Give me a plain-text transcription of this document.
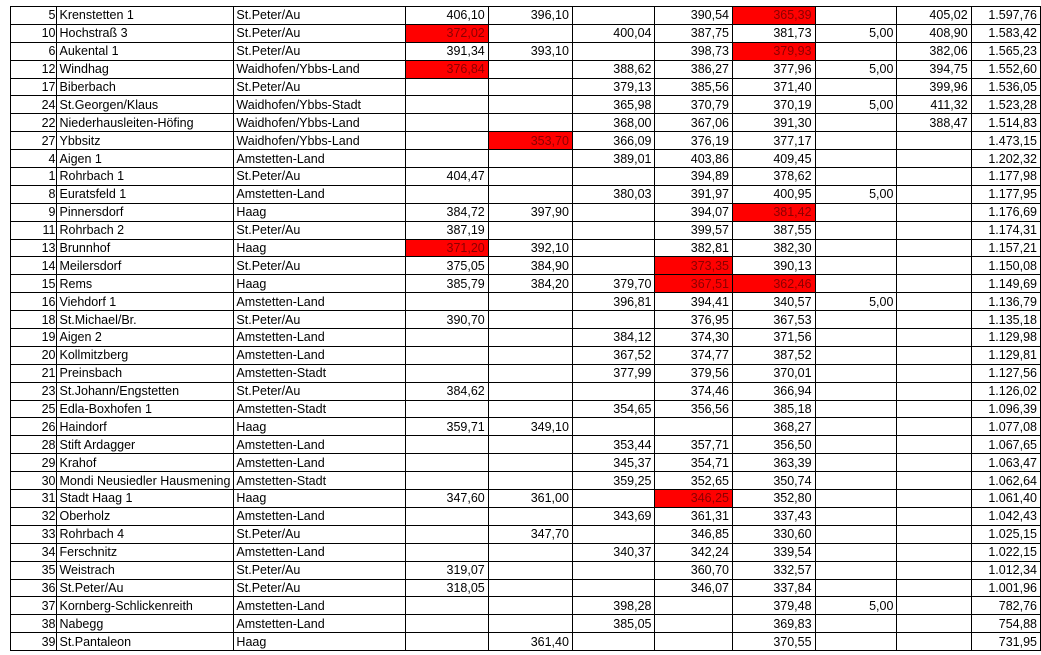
5	Krenstetten 1	St.Peter/Au	406,10	396,10		390,54	365,39		405,02	1.597,76
10	Hochstraß 3	St.Peter/Au	372,02		400,04	387,75	381,73	5,00	408,90	1.583,42
6	Aukental 1	St.Peter/Au	391,34	393,10		398,73	379,93		382,06	1.565,23
12	Windhag	Waidhofen/Ybbs-Land	376,84		388,62	386,27	377,96	5,00	394,75	1.552,60
17	Biberbach	St.Peter/Au			379,13	385,56	371,40		399,96	1.536,05
24	St.Georgen/Klaus	Waidhofen/Ybbs-Stadt			365,98	370,79	370,19	5,00	411,32	1.523,28
22	Niederhausleiten-Höfing	Waidhofen/Ybbs-Land			368,00	367,06	391,30		388,47	1.514,83
27	Ybbsitz	Waidhofen/Ybbs-Land		353,70	366,09	376,19	377,17			1.473,15
4	Aigen 1	Amstetten-Land			389,01	403,86	409,45			1.202,32
1	Rohrbach 1	St.Peter/Au	404,47			394,89	378,62			1.177,98
8	Euratsfeld 1	Amstetten-Land			380,03	391,97	400,95	5,00		1.177,95
9	Pinnersdorf	Haag	384,72	397,90		394,07	381,42			1.176,69
11	Rohrbach 2	St.Peter/Au	387,19			399,57	387,55			1.174,31
13	Brunnhof	Haag	371,20	392,10		382,81	382,30			1.157,21
14	Meilersdorf	St.Peter/Au	375,05	384,90		373,35	390,13			1.150,08
15	Rems	Haag	385,79	384,20	379,70	367,51	362,46			1.149,69
16	Viehdorf 1	Amstetten-Land			396,81	394,41	340,57	5,00		1.136,79
18	St.Michael/Br.	St.Peter/Au	390,70			376,95	367,53			1.135,18
19	Aigen 2	Amstetten-Land			384,12	374,30	371,56			1.129,98
20	Kollmitzberg	Amstetten-Land			367,52	374,77	387,52			1.129,81
21	Preinsbach	Amstetten-Stadt			377,99	379,56	370,01			1.127,56
23	St.Johann/Engstetten	St.Peter/Au	384,62			374,46	366,94			1.126,02
25	Edla-Boxhofen 1	Amstetten-Stadt			354,65	356,56	385,18			1.096,39
26	Haindorf	Haag	359,71	349,10			368,27			1.077,08
28	Stift Ardagger	Amstetten-Land			353,44	357,71	356,50			1.067,65
29	Krahof	Amstetten-Land			345,37	354,71	363,39			1.063,47
30	Mondi Neusiedler Hausmening	Amstetten-Stadt			359,25	352,65	350,74			1.062,64
31	Stadt Haag 1	Haag	347,60	361,00		346,25	352,80			1.061,40
32	Oberholz	Amstetten-Land			343,69	361,31	337,43			1.042,43
33	Rohrbach 4	St.Peter/Au		347,70		346,85	330,60			1.025,15
34	Ferschnitz	Amstetten-Land			340,37	342,24	339,54			1.022,15
35	Weistrach	St.Peter/Au	319,07			360,70	332,57			1.012,34
36	St.Peter/Au	St.Peter/Au	318,05			346,07	337,84			1.001,96
37	Kornberg-Schlickenreith	Amstetten-Land			398,28		379,48	5,00		782,76
38	Nabegg	Amstetten-Land			385,05		369,83			754,88
39	St.Pantaleon	Haag		361,40			370,55			731,95
